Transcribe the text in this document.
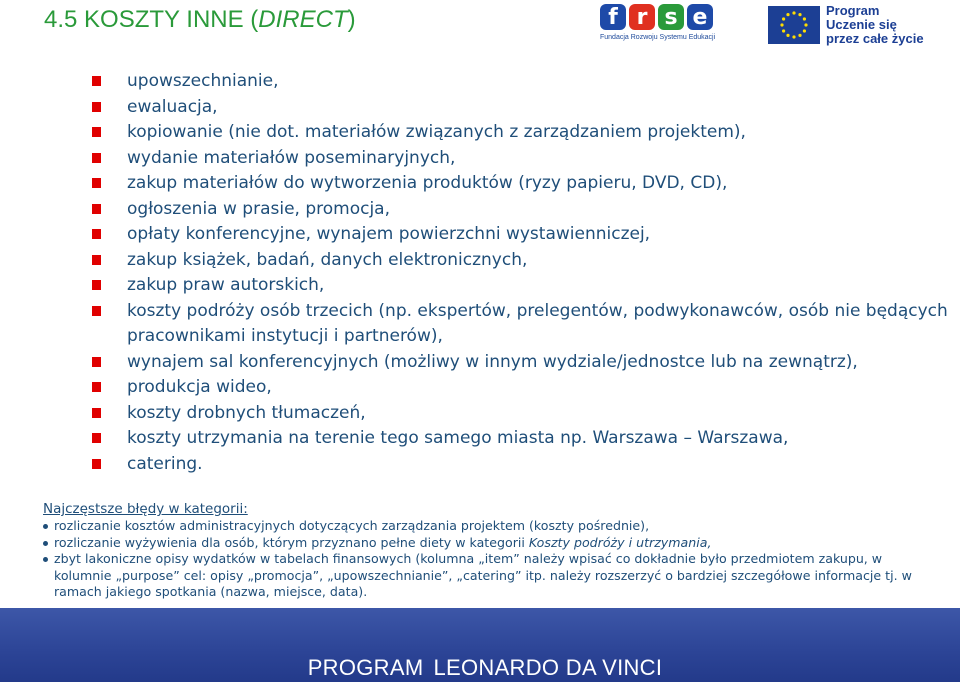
4.5 KOSZTY INNE (DIRECT)	f r s e
Fundacja Rozwoju Systemu Edukacji
Program
Uczenie się
przez całe życie
upowszechnianie,
ewaluacja,
kopiowanie (nie dot. materiałów związanych z zarządzaniem projektem),
wydanie materiałów poseminaryjnych,
zakup materiałów do wytworzenia produktów (ryzy papieru, DVD, CD),
ogłoszenia w prasie, promocja,
opłaty konferencyjne, wynajem powierzchni wystawienniczej,
zakup książek, badań, danych elektronicznych,
zakup praw autorskich,
koszty podróży osób trzecich (np. ekspertów, prelegentów, podwykonawców, osób nie będących pracownikami instytucji i partnerów),
wynajem sal konferencyjnych (możliwy w innym wydziale/jednostce lub na zewnątrz),
produkcja wideo,
koszty drobnych tłumaczeń,
koszty utrzymania na terenie tego samego miasta np. Warszawa – Warszawa,
catering.
Najczęstsze błędy w kategorii:
rozliczanie kosztów administracyjnych dotyczących zarządzania projektem (koszty pośrednie),
rozliczanie wyżywienia dla osób, którym przyznano pełne diety w kategorii Koszty podróży i utrzymania,
zbyt lakoniczne opisy wydatków w tabelach finansowych (kolumna „item” należy wpisać co dokładnie było przedmiotem zakupu, w kolumnie „purpose” cel: opisy „promocja”, „upowszechnianie”, „catering” itp. należy rozszerzyć o bardziej szczegółowe informacje tj. w ramach jakiego spotkania (nazwa, miejsce, data).
PROGRAM LEONARDO DA VINCI
